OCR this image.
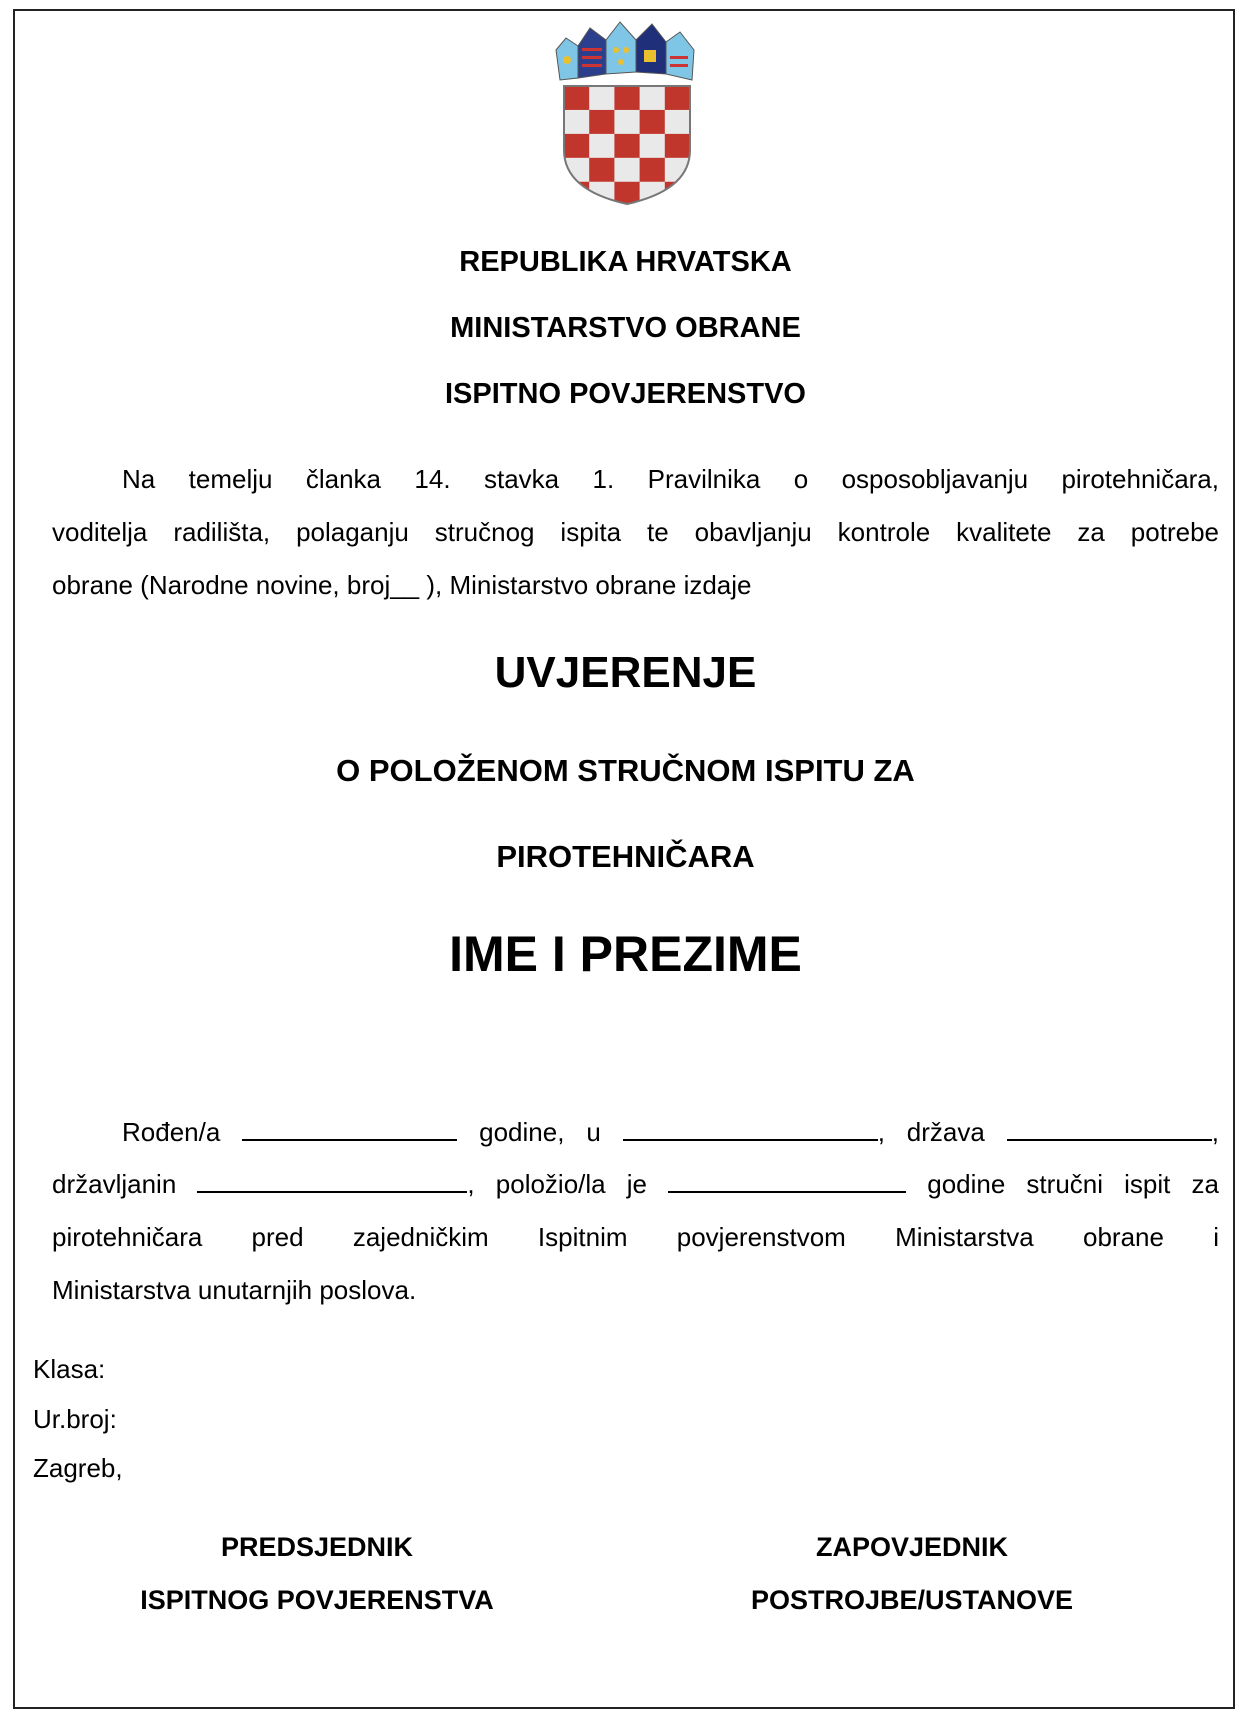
REPUBLIKA HRVATSKA
MINISTARSTVO OBRANE
ISPITNO POVJERENSTVO
Na temelju članka 14. stavka 1. Pravilnika o osposobljavanju pirotehničara,
voditelja radilišta, polaganju stručnog ispita te obavljanju kontrole kvalitete za potrebe
obrane (Narodne novine, broj__ ), Ministarstvo obrane izdaje
UVJERENJE
O POLOŽENOM STRUČNOM ISPITU ZA
PIROTEHNIČARA
IME I PREZIME
Rođen/a	godine, u	, država	,
državljanin	, položio/la je	godine stručni ispit za
pirotehničara pred zajedničkim Ispitnim povjerenstvom Ministarstva obrane i
Ministarstva unutarnjih poslova.
Klasa:
Ur.broj:
Zagreb,
PREDSJEDNIK
ISPITNOG POVJERENSTVA
ZAPOVJEDNIK
POSTROJBE/USTANOVE
